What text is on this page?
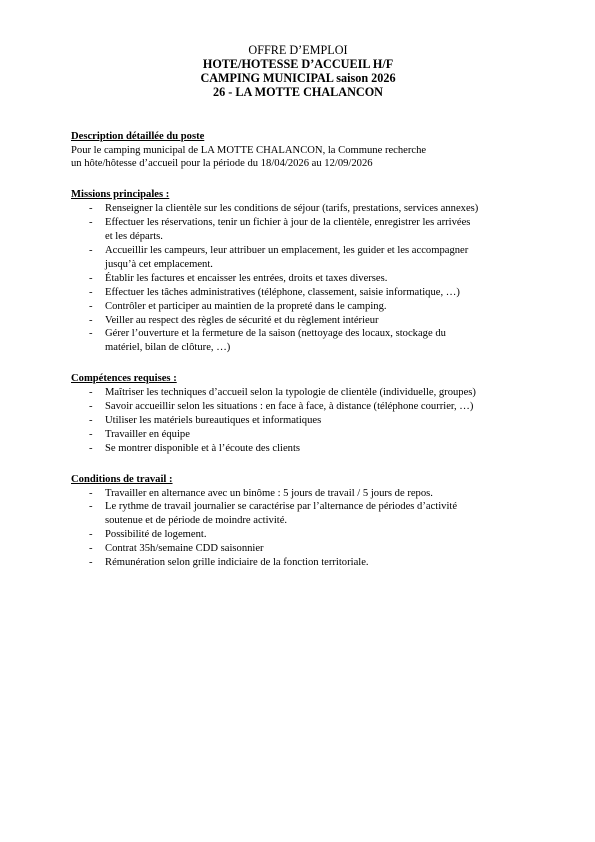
OFFRE D’EMPLOI
HOTE/HOTESSE D’ACCUEIL H/F
CAMPING MUNICIPAL saison 2026
26 - LA MOTTE CHALANCON
Description détaillée du poste
Pour le camping municipal de LA MOTTE CHALANCON, la Commune recherche
un hôte/hôtesse d’accueil pour la période du 18/04/2026 au 12/09/2026
Missions principales :
- Renseigner la clientèle sur les conditions de séjour (tarifs, prestations, services annexes)
- Effectuer les réservations, tenir un fichier à jour de la clientèle, enregistrer les arrivées
et les départs.
- Accueillir les campeurs, leur attribuer un emplacement, les guider et les accompagner
jusqu’à cet emplacement.
- Établir les factures et encaisser les entrées, droits et taxes diverses.
- Effectuer les tâches administratives (téléphone, classement, saisie informatique, …)
- Contrôler et participer au maintien de la propreté dans le camping.
- Veiller au respect des règles de sécurité et du règlement intérieur
- Gérer l’ouverture et la fermeture de la saison (nettoyage des locaux, stockage du
matériel, bilan de clôture, …)
Compétences requises :
- Maîtriser les techniques d’accueil selon la typologie de clientèle (individuelle, groupes)
- Savoir accueillir selon les situations : en face à face, à distance (téléphone courrier, …)
- Utiliser les matériels bureautiques et informatiques
- Travailler en équipe
- Se montrer disponible et à l’écoute des clients
Conditions de travail :
- Travailler en alternance avec un binôme : 5 jours de travail / 5 jours de repos.
- Le rythme de travail journalier se caractérise par l’alternance de périodes d’activité
soutenue et de période de moindre activité.
- Possibilité de logement.
- Contrat 35h/semaine CDD saisonnier
- Rémunération selon grille indiciaire de la fonction territoriale.
